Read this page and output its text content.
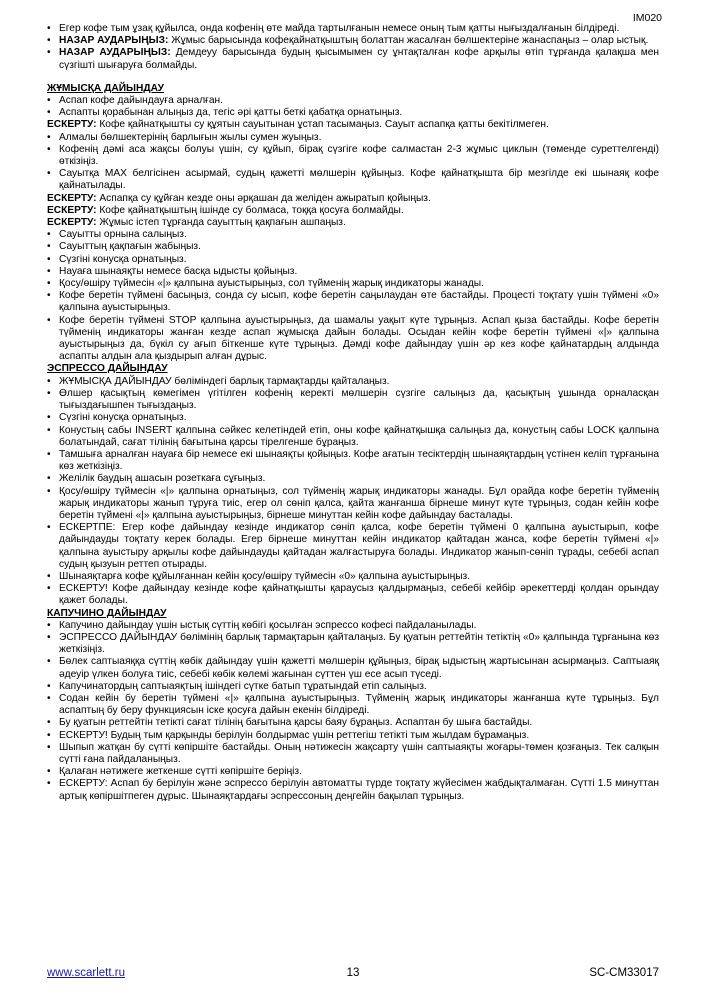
IM020
• Егер кофе тым ұзақ құйылса, онда кофенің өте майда тартылғанын немесе оның тым қатты нығыздалғанын білдіреді.
• НАЗАР АУДАРЫҢЫЗ: Жұмыс барысында кофеқайнатқыштың болаттан жасалған бөлшектеріне жанаспаңыз – олар ыстық.
• НАЗАР АУДАРЫҢЫЗ: Демдеуу барысында будың қысымымен су ұнтақталған кофе арқылы өтіп тұрғанда қалақша мен сүзгішті шығаруға болмайды.
ЖҰМЫСҚА ДАЙЫНДАУ
• Аспап кофе дайындауға арналған.
• Аспапты қорабынан алыңыз да, тегіс әрі қатты беткі қабатқа орнатыңыз.
ЕСКЕРТУ: Кофе қайнатқышты су құятын сауытынан ұстап тасымаңыз. Сауыт аспапқа қатты бекітілмеген.
• Алмалы бөлшектерінің барлығын жылы сумен жуыңыз.
• Кофенің дәмі аса жақсы болуы үшін, су құйып, бірақ сүзгіге кофе салмастан 2-3 жұмыс циклын (төменде суреттелгенді) өткізіңіз.
• Сауытқа MAX белгісінен асырмай, судың қажетті мөлшерін құйыңыз. Кофе қайнатқышта бір мезгілде екі шынаяқ кофе қайнатылады.
ЕСКЕРТУ: Аспапқа су құйған кезде оны әрқашан да желіден ажыратып қойыңыз.
ЕСКЕРТУ: Кофе қайнатқыштың ішінде су болмаса, тоққа қосуға болмайды.
ЕСКЕРТУ: Жұмыс істеп тұрғанда сауыттың қақпағын ашпаңыз.
• Сауытты орнына салыңыз.
• Сауыттың қақпағын жабыңыз.
• Сүзгіні конусқа орнатыңыз.
• Науаға шынаяқты немесе басқа ыдысты қойыңыз.
• Қосу/өшіру түймесін «|» қалпына ауыстырыңыз, сол түйменің жарық индикаторы жанады.
• Кофе беретін түймені басыңыз, сонда су ысып, кофе беретін саңылаудан өте бастайды. Процесті тоқтату үшін түймені «0» қалпына ауыстырыңыз.
• Кофе беретін түймені STOP қалпына ауыстырыңыз, да шамалы уақыт күте тұрыңыз. Аспап қыза бастайды. Кофе беретін түйменің индикаторы жанған кезде аспап жұмысқа дайын болады. Осыдан кейін кофе беретін түймені «|» қалпына ауыстырыңыз да, бүкіл су ағып біткенше күте тұрыңыз. Дәмді кофе дайындау үшін әр кез кофе қайнатардың алдында аспапты алдын ала қыздырып алған дұрыс.
ЭСПРЕССО ДАЙЫНДАУ
• ЖҰМЫСҚА ДАЙЫНДАУ бөліміндегі барлық тармақтарды қайталаңыз.
• Өлшер қасықтың көмегімен үгітілген кофенің керекті мөлшерін сүзгіге салыңыз да, қасықтың ұшында орналасқан тығыздағышпен тығыздаңыз.
• Сүзгіні конусқа орнатыңыз.
• Конустың сабы INSERT қалпына сәйкес келетіндей етіп, оны кофе қайнатқышқа салыңыз да, конустың сабы LOCK қалпына болатындай, сағат тілінің бағытына қарсы тірелгенше бұраңыз.
• Тамшыға арналған науаға бір немесе екі шынаяқты қойыңыз. Кофе ағатын тесіктердің шынаяқтардың үстінен келіп тұрғанына көз жеткізіңіз.
• Желілік баудың ашасын розеткаға сұғыңыз.
• Қосу/өшіру түймесін «|» қалпына орнатыңыз, сол түйменің жарық индикаторы жанады. Бұл орайда кофе беретін түйменің жарық индикаторы жанып тұруға тиіс, егер ол сөніп қалса, қайта жанғанша бірнеше минут күте тұрыңыз, содан кейін кофе беретін түймені «|» қалпына ауыстырыңыз, бірнеше минуттан кейін кофе дайындау басталады.
• ЕСКЕРТПЕ: Егер кофе дайындау кезінде индикатор сөніп қалса, кофе беретін түймені 0 қалпына ауыстырып, кофе дайындауды тоқтату керек болады. Егер бірнеше минуттан кейін индикатор қайтадан жанса, кофе беретін түймені «|» қалпына ауыстыру арқылы кофе дайындауды қайтадан жалғастыруға болады. Индикатор жанып-сөніп тұрады, себебі аспап судың қызуын реттеп отырады.
• Шынаяқтарға кофе құйылғаннан кейін қосу/өшіру түймесін «0» қалпына ауыстырыңыз.
• ЕСКЕРТУ! Кофе дайындау кезінде кофе қайнатқышты қараусыз қалдырмаңыз, себебі кейбір әрекеттерді қолдан орындау қажет болады.
КАПУЧИНО ДАЙЫНДАУ
• Капучино дайындау үшін ыстық сүттің көбігі қосылған эспрессо кофесі пайдаланылады.
• ЭСПРЕССО ДАЙЫНДАУ бөлімінің барлық тармақтарын қайталаңыз. Бу қуатын реттейтін тетіктің «0» қалпында тұрғанына көз жеткізіңіз.
• Бөлек саптыаяққа сүттің көбік дайындау үшін қажетті мөлшерін құйыңыз, бірақ ыдыстың жартысынан асырмаңыз. Саптыаяқ әдеуір үлкен болуға тиіс, себебі көбік көлемі жағынан сүттен үш есе асып түседі.
• Капучинатордың саптыаяқтың ішіндегі сүтке батып тұратындай етіп салыңыз.
• Содан кейін бу беретін түймені «|» қалпына ауыстырыңыз. Түйменің жарық индикаторы жанғанша күте тұрыңыз. Бұл аспаптың бу беру функциясын іске қосуға дайын екенін білдіреді.
• Бу қуатын реттейтін тетікті сағат тілінің бағытына қарсы баяу бұраңыз. Аспаптан бу шыға бастайды.
• ЕСКЕРТУ! Будың тым қарқынды берілуін болдырмас үшін реттегіш тетікті тым жылдам бұрамаңыз.
• Шыпып жатқан бу сүтті көпіршіте бастайды. Оның нәтижесін жақсарту үшін саптыаяқты жоғары-төмен қозғаңыз. Тек салқын сүтті ғана пайдаланыңыз.
• Қалаған нәтижеге жеткенше сүтті көпіршіте беріңіз.
• ЕСКЕРТУ: Аспап бу берілуін және эспрессо берілуін автоматты түрде тоқтату жүйесімен жабдықталмаған. Сүтті 1.5 минуттан артық көпіршітпеген дұрыс. Шынаяқтардағы эспрессоның деңгейін бақылап тұрыңыз.
www.scarlett.ru	13	SC-CM33017
